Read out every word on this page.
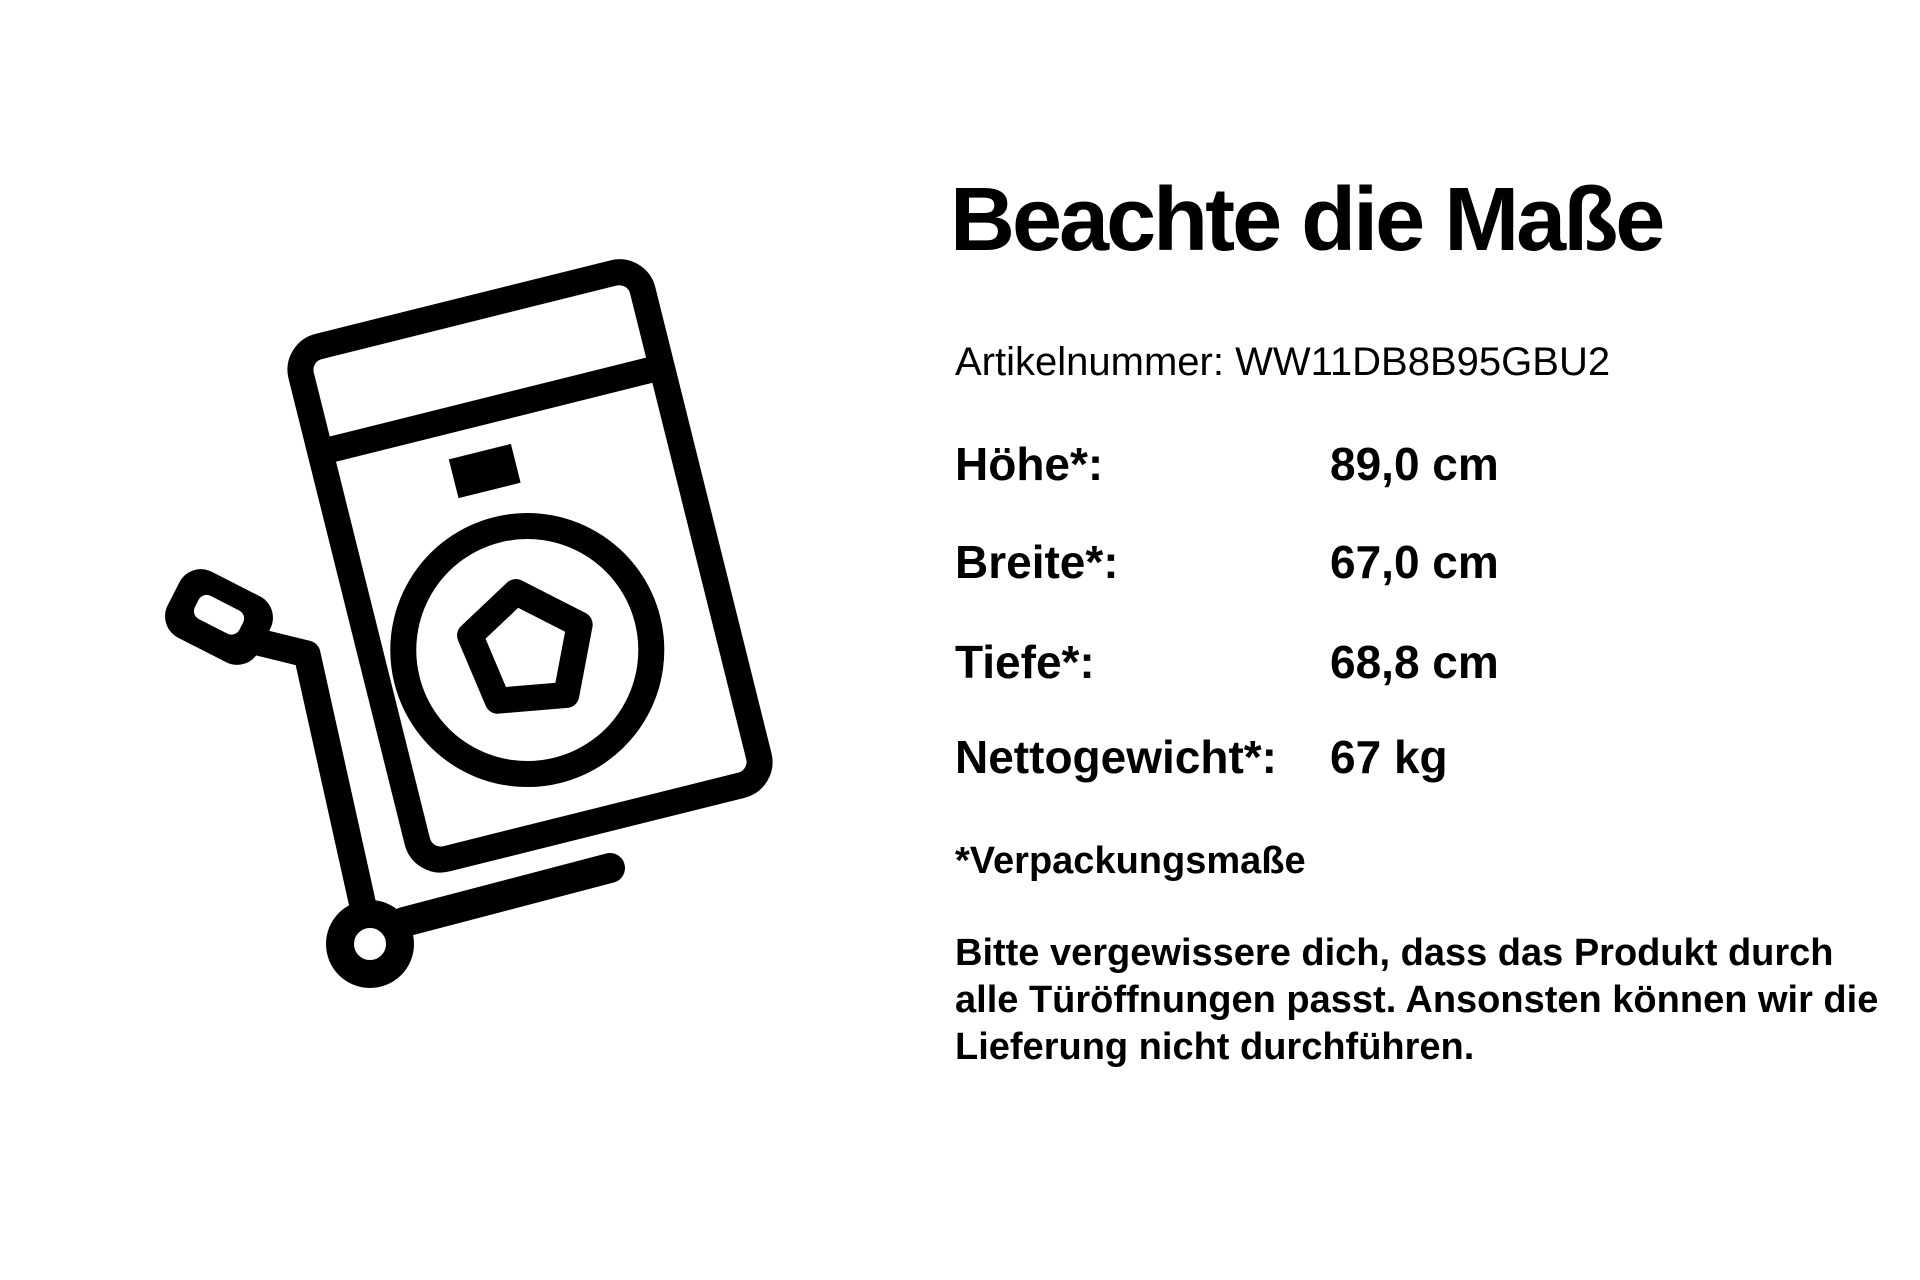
Beachte die Maße
Artikelnummer: WW11DB8B95GBU2
Höhe*:	89,0 cm
Breite*:	67,0 cm
Tiefe*:	68,8 cm
Nettogewicht*: 67 kg
*Verpackungsmaße
Bitte vergewissere dich, dass das Produkt durch
alle Türöffnungen passt. Ansonsten können wir die
Lieferung nicht durchführen.
